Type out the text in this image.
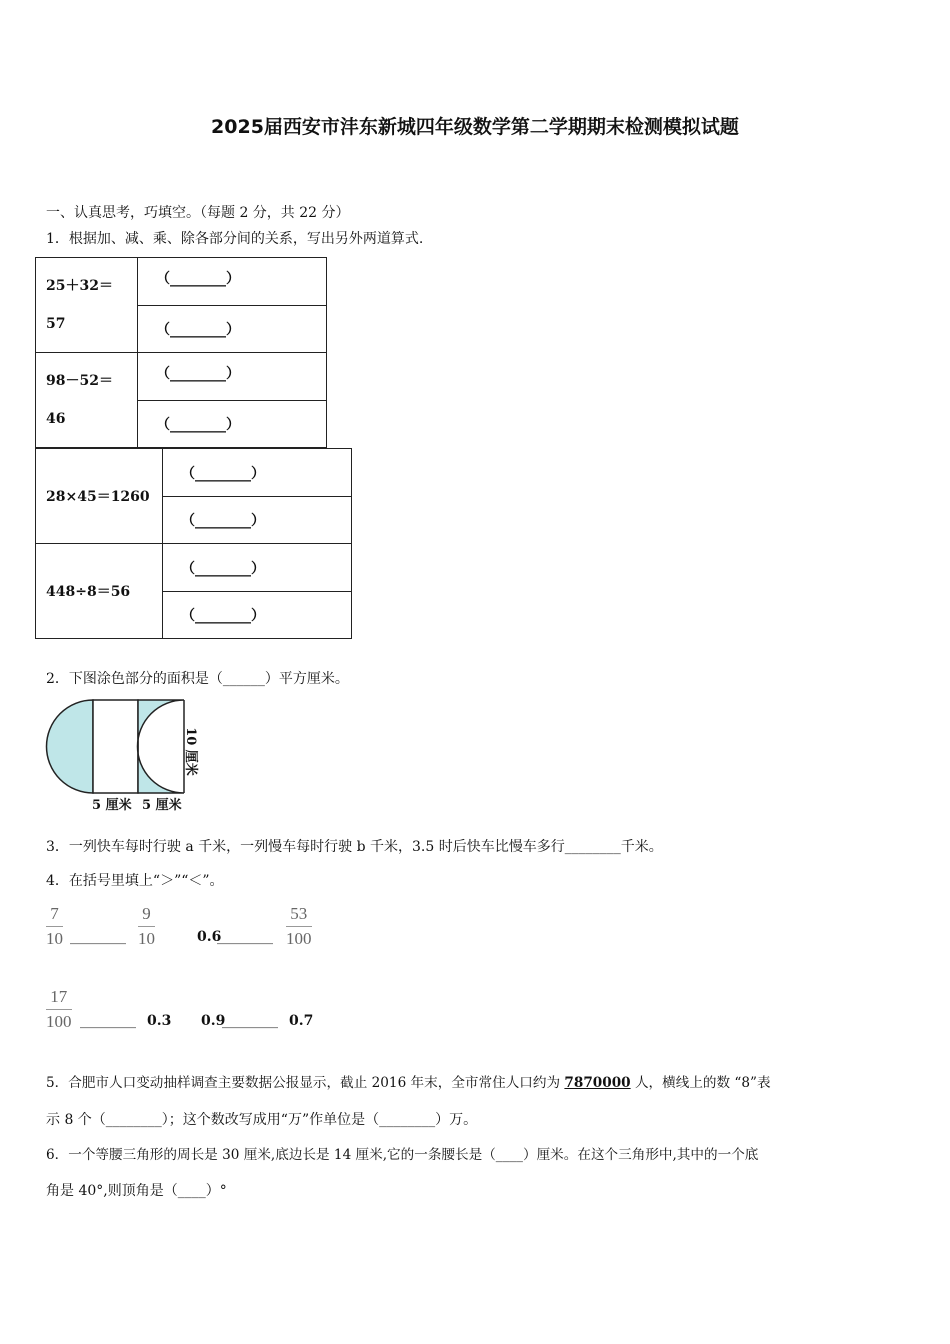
2025届西安市沣东新城四年级数学第二学期期末检测模拟试题
一、认真思考，巧填空。（每题 2 分，共 22 分）
1．根据加、减、乘、除各部分间的关系，写出另外两道算式.
25＋32＝
57	（________）
	（________）
98－52＝
46	（________）
	（________）
28×45＝1260	（________）
	（________）
448÷8＝56	（________）
	（________）
2．下图涂色部分的面积是（______）平方厘米。
5 厘米 5 厘米
10 厘米
3．一列快车每时行驶 a 千米，一列慢车每时行驶 b 千米，3.5 时后快车比慢车多行________千米。
4．在括号里填上“＞”“＜”。
$\frac{7}{10}$ ________ $\frac{9}{10}$	0.6
________ $\frac{53}{100}$
$\frac{17}{100}$ ________ 0.3 0.9
________ 0.7
5．合肥市人口变动抽样调查主要数据公报显示，截止 2016 年末，全市常住人口约为 7870000 人，横线上的数 “8”表
示 8 个（________）；这个数改写成用“万”作单位是（________）万。
6．一个等腰三角形的周长是 30 厘米,底边长是 14 厘米,它的一条腰长是（____）厘米。在这个三角形中,其中的一个底
角是 40°,则顶角是（____）°
